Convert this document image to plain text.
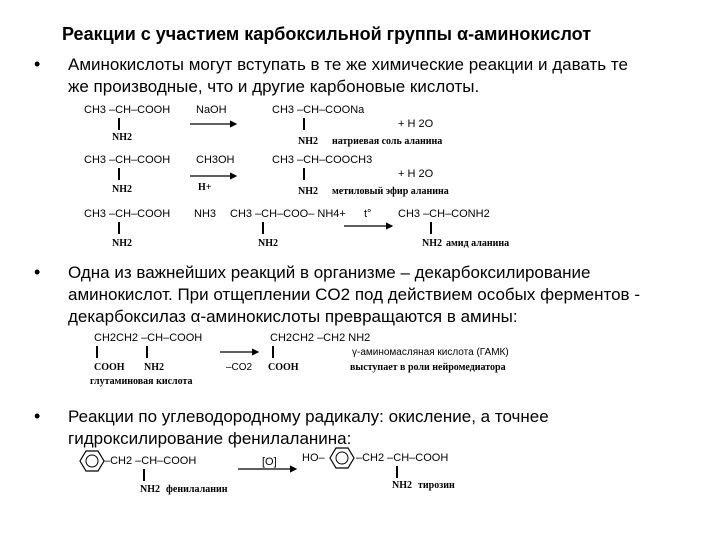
Реакции с участием карбоксильной группы α-аминокислот
• Аминокислоты могут вступать в те же химические реакции и давать те
же производные, что и другие карбоновые кислоты.
CH3 –CH–COOH
NH2
NaOH	CH3 –CH–COONa
NH2
+ H 2O
натриевая соль аланина
CH3 –CH–COOH
NH2
CH3OH
H+
CH3 –CH–COOCH3
NH2
+ H 2O
метиловый эфир аланина
CH3 –CH–COOH
NH2
NH3 CH3 –CH–COO– NH4+
NH2
t° CH3 –CH–CONH2
NH2 амид аланина
• Одна из важнейших реакций в организме – декарбоксилирование
аминокислот. При отщеплении CO2 под действием особых ферментов -
декарбоксилаз α-аминокислоты превращаются в амины:
CH2CH2 –CH–COOH
COOH NH2
глутаминовая кислота
–CO2
CH2CH2 –CH2 NH2
COOH
γ-аминомасляная кислота (ГАМК)
выступает в роли нейромедиатора
• Реакции по углеводородному радикалу: окисление, а точнее
гидроксилирование фенилаланина:
–CH2 –CH–COOH
NH2 фенилаланин
[O] HO–	–CH2 –CH–COOH
NH2 тирозин
